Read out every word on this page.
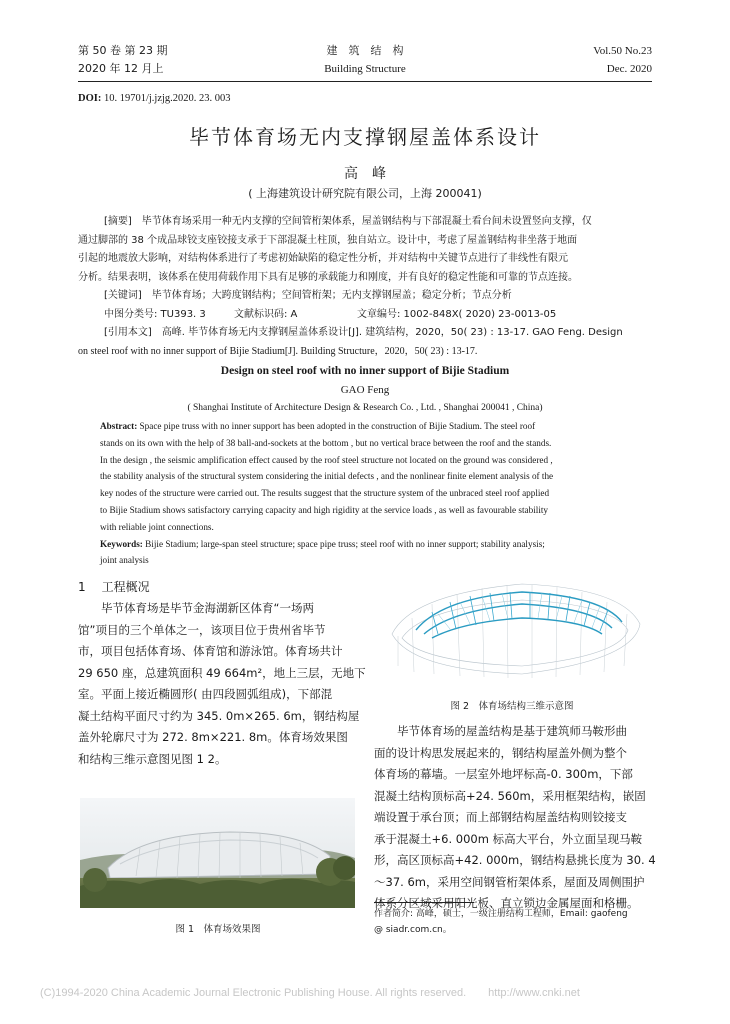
第 50 卷 第 23 期
2020 年 12 月上
建　筑　结　构
Building Structure
Vol.50 No.23
Dec. 2020
DOI: 10. 19701/j.jzjg.2020. 23. 003
毕节体育场无内支撑钢屋盖体系设计
高　峰
( 上海建筑设计研究院有限公司，上海 200041)
[摘要]　毕节体育场采用一种无内支撑的空间管桁架体系，屋盖钢结构与下部混凝土看台间未设置竖向支撑，仅
通过脚部的 38 个成品球铰支座铰接支承于下部混凝土柱顶，独自站立。设计中，考虑了屋盖钢结构非坐落于地面
引起的地震放大影响，对结构体系进行了考虑初始缺陷的稳定性分析，并对结构中关键节点进行了非线性有限元
分析。结果表明，该体系在使用荷载作用下具有足够的承载能力和刚度，并有良好的稳定性能和可靠的节点连接。
[关键词]　毕节体育场；大跨度钢结构；空间管桁架；无内支撑钢屋盖；稳定分析；节点分析
中图分类号: TU393. 3	文献标识码: A	文章编号: 1002-848X( 2020) 23-0013-05
[引用本文]　高峰. 毕节体育场无内支撑钢屋盖体系设计[J]. 建筑结构，2020，50( 23) : 13-17. GAO Feng. Design
on steel roof with no inner support of Bijie Stadium[J]. Building Structure，2020，50( 23) : 13-17.
Design on steel roof with no inner support of Bijie Stadium
GAO Feng
( Shanghai Institute of Architecture Design & Research Co. , Ltd. , Shanghai 200041 , China)
Abstract: Space pipe truss with no inner support has been adopted in the construction of Bijie Stadium. The steel roof
stands on its own with the help of 38 ball-and-sockets at the bottom , but no vertical brace between the roof and the stands.
In the design , the seismic amplification effect caused by the roof steel structure not located on the ground was considered ,
the stability analysis of the structural system considering the initial defects , and the nonlinear finite element analysis of the
key nodes of the structure were carried out. The results suggest that the structure system of the unbraced steel roof applied
to Bijie Stadium shows satisfactory carrying capacity and high rigidity at the service loads , as well as favourable stability
with reliable joint connections.
Keywords: Bijie Stadium; large-span steel structure; space pipe truss; steel roof with no inner support; stability analysis;
joint analysis
1 工程概况
　　毕节体育场是毕节金海湖新区体育“一场两
馆”项目的三个单体之一，该项目位于贵州省毕节
市，项目包括体育场、体育馆和游泳馆。体育场共计
29 650 座，总建筑面积 49 664m²，地上三层，无地下
室。平面上接近椭圆形( 由四段圆弧组成)，下部混
凝土结构平面尺寸约为 345. 0m×265. 6m，钢结构屋
盖外轮廓尺寸为 272. 8m×221. 8m。体育场效果图
和结构三维示意图见图 1 2。
图 1　体育场效果图
图 2　体育场结构三维示意图
　　毕节体育场的屋盖结构是基于建筑师马鞍形曲
面的设计构思发展起来的，钢结构屋盖外侧为整个
体育场的幕墙。一层室外地坪标高-0. 300m，下部
混凝土结构顶标高+24. 560m，采用框架结构，嵌固
端设置于承台顶；而上部钢结构屋盖结构则铰接支
承于混凝土+6. 000m 标高大平台，外立面呈现马鞍
形，高区顶标高+42. 000m，钢结构悬挑长度为 30. 4
～37. 6m，采用空间钢管桁架体系，屋面及周侧围护
体系分区域采用阳光板、直立锁边金属屋面和格栅。
作者简介: 高峰，硕士，一级注册结构工程师，Email: gaofeng
@ siadr.com.cn。
(C)1994-2020 China Academic Journal Electronic Publishing House. All rights reserved.　　http://www.cnki.net
